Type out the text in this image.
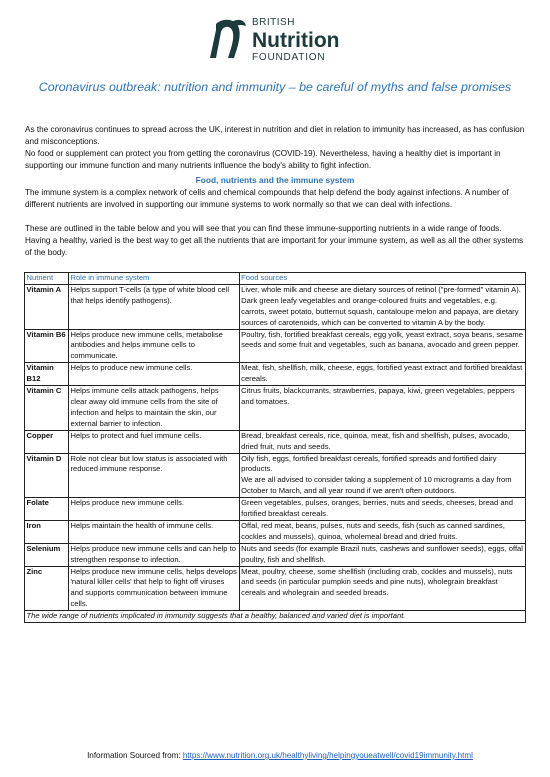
BRITISH
Nutrition
FOUNDATION
Coronavirus outbreak: nutrition and immunity – be careful of myths and false promises

As the coronavirus continues to spread across the UK, interest in nutrition and diet in relation to immunity has increased, as has confusion and misconceptions.

No food or supplement can protect you from getting the coronavirus (COVID-19). Nevertheless, having a healthy diet is important in supporting our immune function and many nutrients influence the body's ability to fight infection.

Food, nutrients and the immune system

The immune system is a complex network of cells and chemical compounds that help defend the body against infections. A number of different nutrients are involved in supporting our immune systems to work normally so that we can deal with infections.

These are outlined in the table below and you will see that you can find these immune-supporting nutrients in a wide range of foods. Having a healthy, varied is the best way to get all the nutrients that are important for your immune system, as well as all the other systems of the body.

Nutrient	Role in immune system	Food sources
Vitamin A	Helps support T-cells (a type of white blood cell that helps identify pathogens).	Liver, whole milk and cheese are dietary sources of retinol ("pre-formed" vitamin A). Dark green leafy vegetables and orange-coloured fruits and vegetables, e.g. carrots, sweet potato, butternut squash, cantaloupe melon and papaya, are dietary sources of carotenoids, which can be converted to vitamin A by the body.
Vitamin B6	Helps produce new immune cells, metabolise antibodies and helps immune cells to communicate.	Poultry, fish, fortified breakfast cereals, egg yolk, yeast extract, soya beans, sesame seeds and some fruit and vegetables, such as banana, avocado and green pepper.
Vitamin B12	Helps to produce new immune cells.	Meat, fish, shellfish, milk, cheese, eggs, fortified yeast extract and fortified breakfast cereals.
Vitamin C	Helps immune cells attack pathogens, helps clear away old immune cells from the site of infection and helps to maintain the skin, our external barrier to infection.	Citrus fruits, blackcurrants, strawberries, papaya, kiwi, green vegetables, peppers and tomatoes.
Copper	Helps to protect and fuel immune cells.	Bread, breakfast cereals, rice, quinoa, meat, fish and shellfish, pulses, avocado, dried fruit, nuts and seeds.
Vitamin D	Role not clear but low status is associated with reduced immune response.	Oily fish, eggs, fortified breakfast cereals, fortified spreads and fortified dairy products.
We are all advised to consider taking a supplement of 10 micrograms a day from October to March, and all year round if we aren't often outdoors.

Folate	Helps produce new immune cells.	Green vegetables, pulses, oranges, berries, nuts and seeds, cheeses, bread and fortified breakfast cereals.
Iron	Helps maintain the health of immune cells.	Offal, red meat, beans, pulses, nuts and seeds, fish (such as canned sardines, cockles and mussels), quinoa, wholemeal bread and dried fruits.
Selenium	Helps produce new immune cells and can help to strengthen response to infection.	Nuts and seeds (for example Brazil nuts, cashews and sunflower seeds), eggs, offal poultry, fish and shellfish.
Zinc	Helps produce new immune cells, helps develops 'natural killer cells' that help to fight off viruses and supports communication between immune cells.	Meat, poultry, cheese, some shellfish (including crab, cockles and mussels), nuts and seeds (in particular pumpkin seeds and pine nuts), wholegrain breakfast cereals and wholegrain and seeded breads.
The wide range of nutrients implicated in immunity suggests that a healthy, balanced and varied diet is important.		
Information Sourced from: https://www.nutrition.org.uk/healthyliving/helpingyoueatwell/covid19immunity.html
